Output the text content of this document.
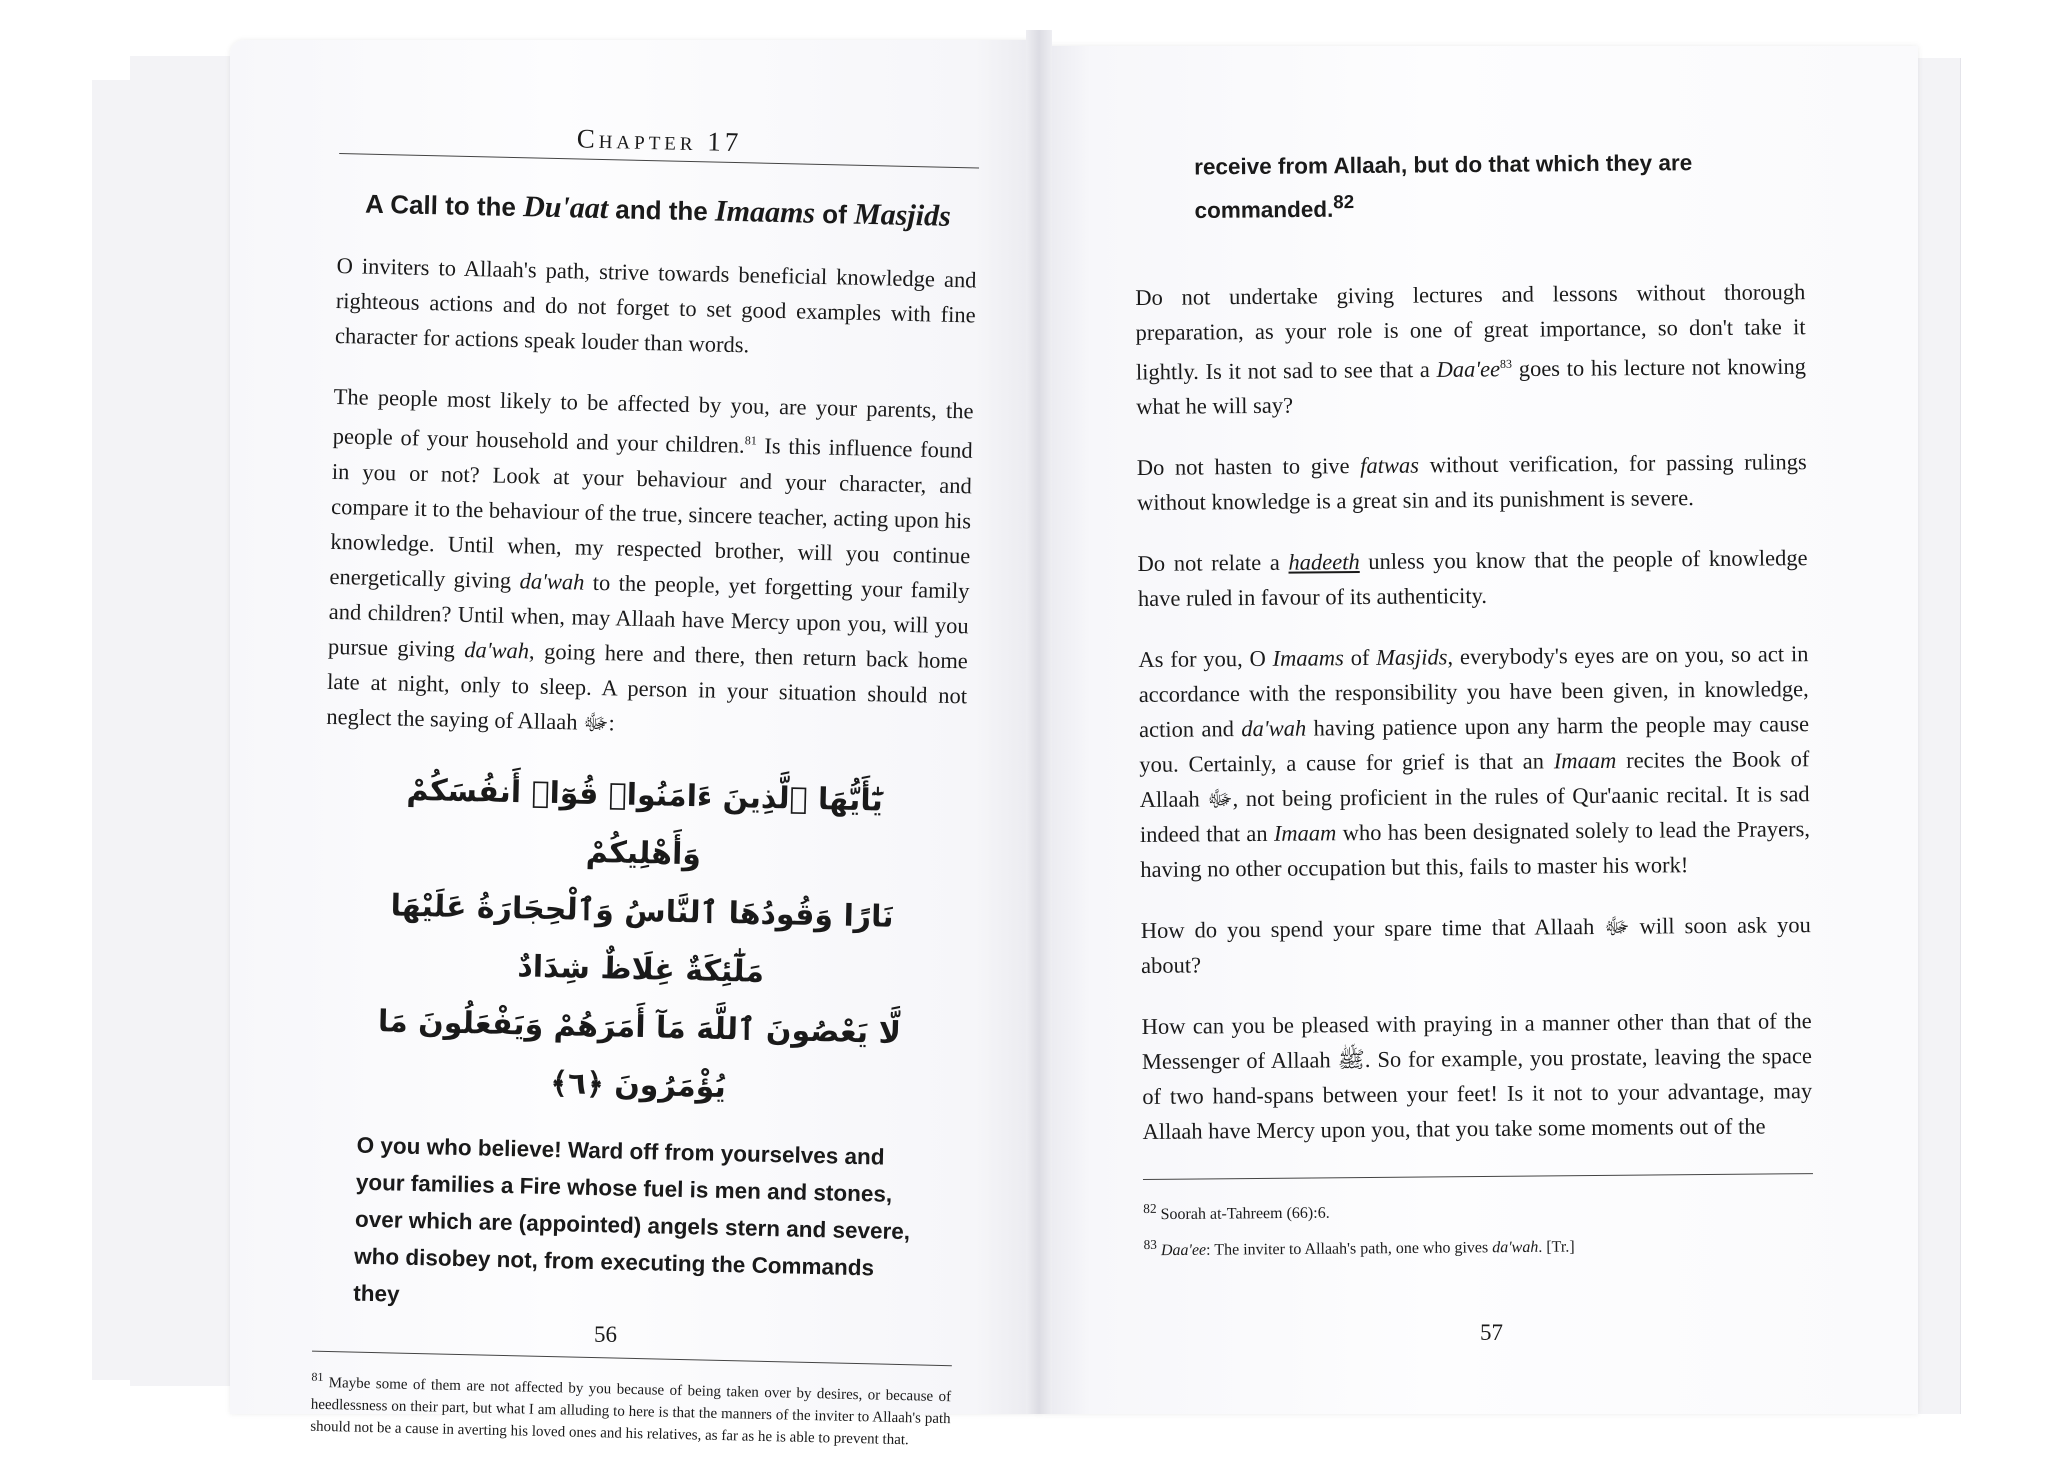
Chapter 17
A Call to the Du'aat and the Imaams of Masjids

O inviters to Allaah's path, strive towards beneficial knowledge and righteous actions and do not forget to set good examples with fine character for actions speak louder than words.

The people most likely to be affected by you, are your parents, the people of your household and your children.$^{81}$ Is this influence found in you or not? Look at your behaviour and your character, and compare it to the behaviour of the true, sincere teacher, acting upon his knowledge. Until when, my respected brother, will you continue energetically giving da'wah to the people, yet forgetting your family and children? Until when, may Allaah have Mercy upon you, will you pursue giving da'wah, going here and there, then return back home late at night, only to sleep. A person in your situation should not neglect the saying of Allaah ﷻ:

يَٰٓأَيُّهَا ٱلَّذِينَ ءَامَنُوا۟ قُوٓا۟ أَنفُسَكُمْ وَأَهْلِيكُمْ
نَارًا وَقُودُهَا ٱلنَّاسُ وَٱلْحِجَارَةُ عَلَيْهَا مَلَٰٓئِكَةٌ غِلَاظٌ شِدَادٌ
لَّا يَعْصُونَ ٱللَّهَ مَآ أَمَرَهُمْ وَيَفْعَلُونَ مَا يُؤْمَرُونَ ﴿٦﴾
O you who believe! Ward off from yourselves and your families a Fire whose fuel is men and stones, over which are (appointed) angels stern and severe, who disobey not, from executing the Commands they
$^{81}$ Maybe some of them are not affected by you because of being taken over by desires, or because of heedlessness on their part, but what I am alluding to here is that the manners of the inviter to Allaah's path should not be a cause in averting his loved ones and his relatives, as far as he is able to prevent that.
56
receive from Allaah, but do that which they are commanded.$^{82}$

Do not undertake giving lectures and lessons without thorough preparation, as your role is one of great importance, so don't take it lightly. Is it not sad to see that a $Daa'ee^{83}$ goes to his lecture not knowing what he will say?

Do not hasten to give fatwas without verification, for passing rulings without knowledge is a great sin and its punishment is severe.

Do not relate a hadeeth unless you know that the people of knowledge have ruled in favour of its authenticity.

As for you, O Imaams of Masjids, everybody's eyes are on you, so act in accordance with the responsibility you have been given, in knowledge, action and da'wah having patience upon any harm the people may cause you. Certainly, a cause for grief is that an Imaam recites the Book of Allaah ﷻ, not being proficient in the rules of Qur'aanic recital. It is sad indeed that an Imaam who has been designated solely to lead the Prayers, having no other occupation but this, fails to master his work!

How do you spend your spare time that Allaah ﷻ will soon ask you about?

How can you be pleased with praying in a manner other than that of the Messenger of Allaah ﷺ. So for example, you prostate, leaving the space of two hand-spans between your feet! Is it not to your advantage, may Allaah have Mercy upon you, that you take some moments out of the

$^{82}$ Soorah at-Tahreem (66):6.
$^{83}$ Daa'ee: The inviter to Allaah's path, one who gives da'wah. [Tr.]
57
